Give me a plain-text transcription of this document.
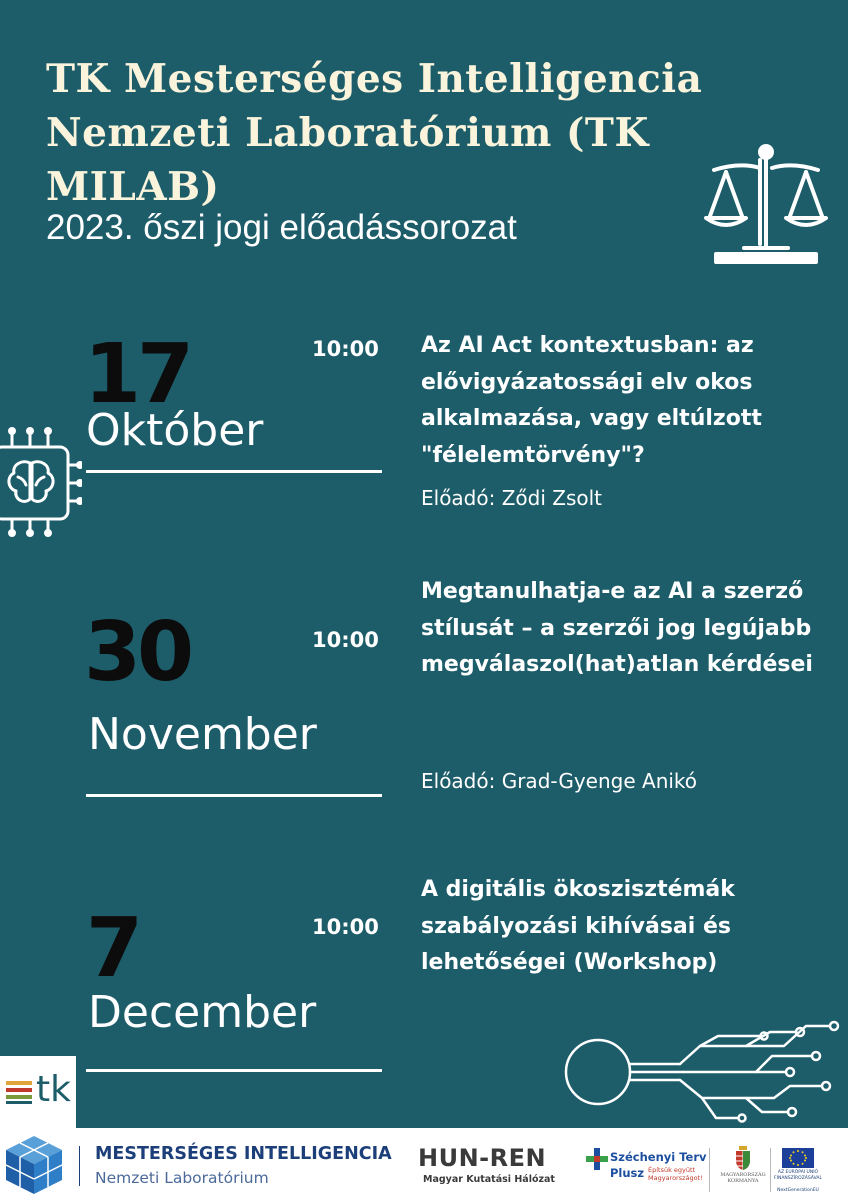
TK Mesterséges Intelligencia Nemzeti Laboratórium (TK MILAB)

2023. őszi jogi előadássorozat

17
Október
10:00 Az AI Act kontextusban: az elővigyázatossági elv okos alkalmazása, vagy eltúlzott "félelemtörvény"?
Előadó: Ződi Zsolt
30
November
10:00
Megtanulhatja-e az AI a szerző stílusát – a szerzői jog legújabb megválaszol(hat)atlan kérdései
Előadó: Grad-Gyenge Anikó
7
December
10:00
A digitális ökoszisztémák szabályozási kihívásai és lehetőségei (Workshop)
tk
MESTERSÉGES INTELLIGENCIA
Nemzeti Laboratórium
HUN-REN
Magyar Kutatási Hálózat
Széchenyi Terv
Plusz Építsük együtt Magyarországot!	MAGYARORSZÁG KORMÁNYA
AZ EURÓPAI UNIÓ FINANSZÍROZÁSÁVAL
NextGenerationEU
